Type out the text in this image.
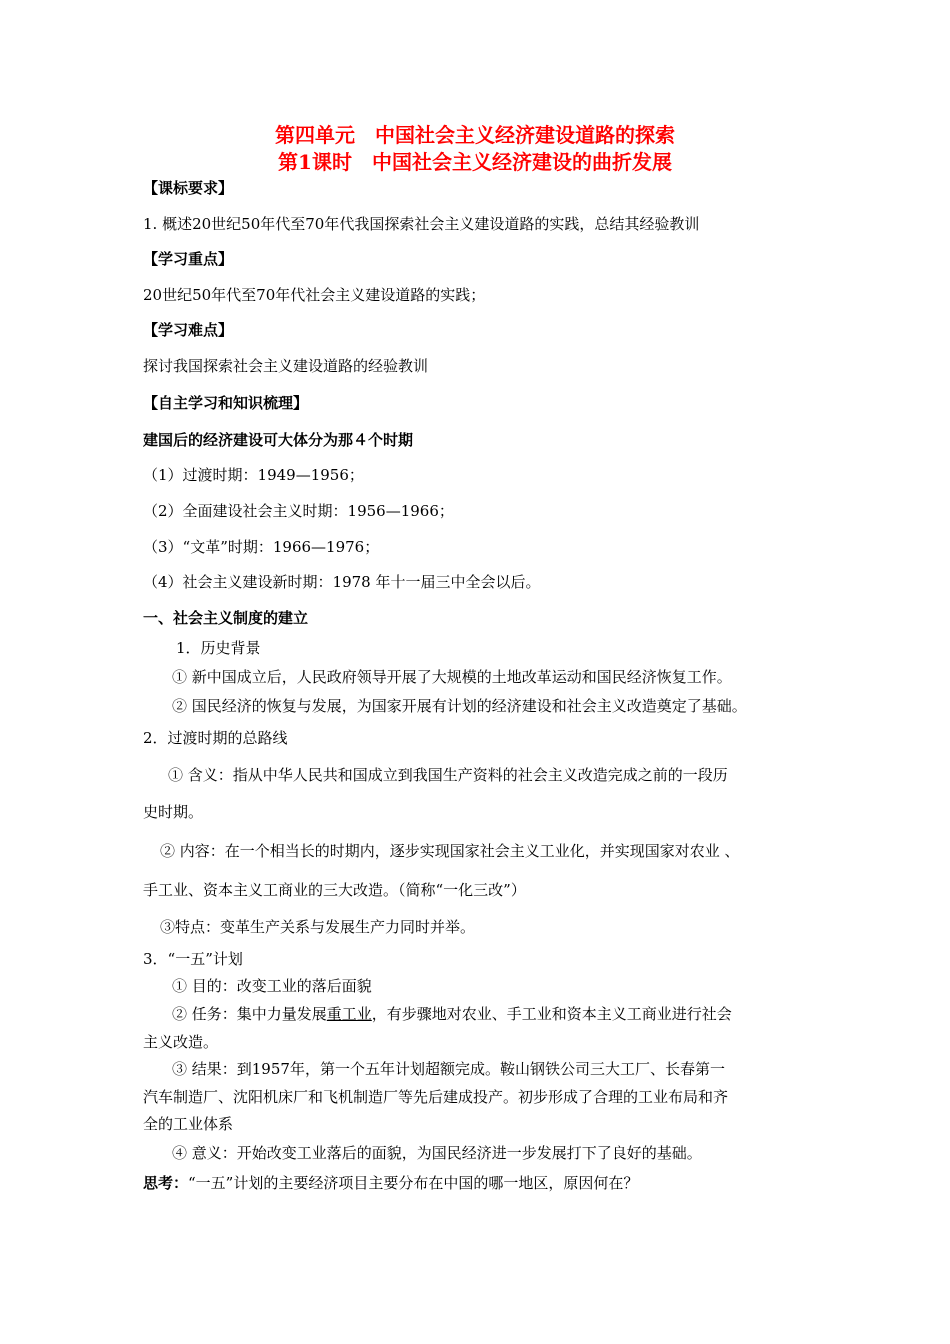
第四单元　中国社会主义经济建设道路的探索
第1课时　中国社会主义经济建设的曲折发展
【课标要求】
1. 概述20世纪50年代至70年代我国探索社会主义建设道路的实践，总结其经验教训
【学习重点】
20世纪50年代至70年代社会主义建设道路的实践；
【学习难点】
探讨我国探索社会主义建设道路的经验教训
【自主学习和知识梳理】
建国后的经济建设可大体分为那４个时期
（1）过渡时期：1949—1956；
（2）全面建设社会主义时期：1956—1966；
（3）“文革”时期：1966—1976；
（4）社会主义建设新时期：1978 年十一届三中全会以后。
一、社会主义制度的建立
1．历史背景
① 新中国成立后，人民政府领导开展了大规模的土地改革运动和国民经济恢复工作。
② 国民经济的恢复与发展，为国家开展有计划的经济建设和社会主义改造奠定了基础。
2．过渡时期的总路线
① 含义：指从中华人民共和国成立到我国生产资料的社会主义改造完成之前的一段历
史时期。
② 内容：在一个相当长的时期内，逐步实现国家社会主义工业化，并实现国家对农业 、
手工业、资本主义工商业的三大改造。（简称“一化三改”）
③特点：变革生产关系与发展生产力同时并举。
3．“一五”计划
① 目的：改变工业的落后面貌
② 任务：集中力量发展重工业，有步骤地对农业、手工业和资本主义工商业进行社会
主义改造。
③ 结果：到1957年，第一个五年计划超额完成。鞍山钢铁公司三大工厂、长春第一
汽车制造厂、沈阳机床厂和飞机制造厂等先后建成投产。初步形成了合理的工业布局和齐
全的工业体系
④ 意义：开始改变工业落后的面貌，为国民经济进一步发展打下了良好的基础。
思考：“一五”计划的主要经济项目主要分布在中国的哪一地区，原因何在？
